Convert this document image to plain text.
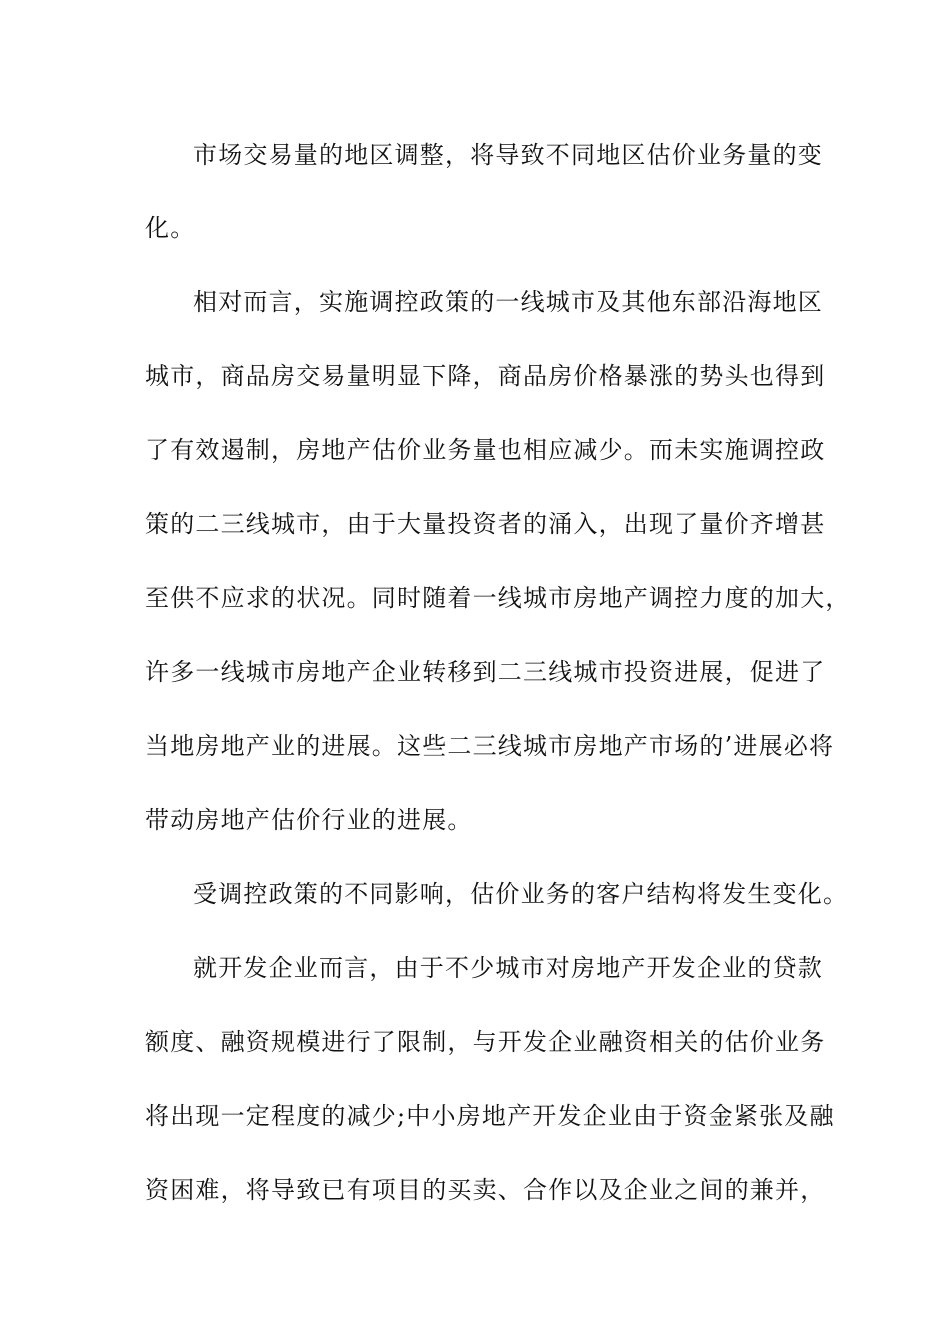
市场交易量的地区调整，将导致不同地区估价业务量的变
化。
相对而言，实施调控政策的一线城市及其他东部沿海地区
城市，商品房交易量明显下降，商品房价格暴涨的势头也得到
了有效遏制，房地产估价业务量也相应减少。而未实施调控政
策的二三线城市，由于大量投资者的涌入，出现了量价齐增甚
至供不应求的状况。同时随着一线城市房地产调控力度的加大，
许多一线城市房地产企业转移到二三线城市投资进展，促进了
当地房地产业的进展。这些二三线城市房地产市场的’进展必将
带动房地产估价行业的进展。
受调控政策的不同影响，估价业务的客户结构将发生变化。
就开发企业而言，由于不少城市对房地产开发企业的贷款
额度、融资规模进行了限制，与开发企业融资相关的估价业务
将出现一定程度的减少;中小房地产开发企业由于资金紧张及融
资困难，将导致已有项目的买卖、合作以及企业之间的兼并，
